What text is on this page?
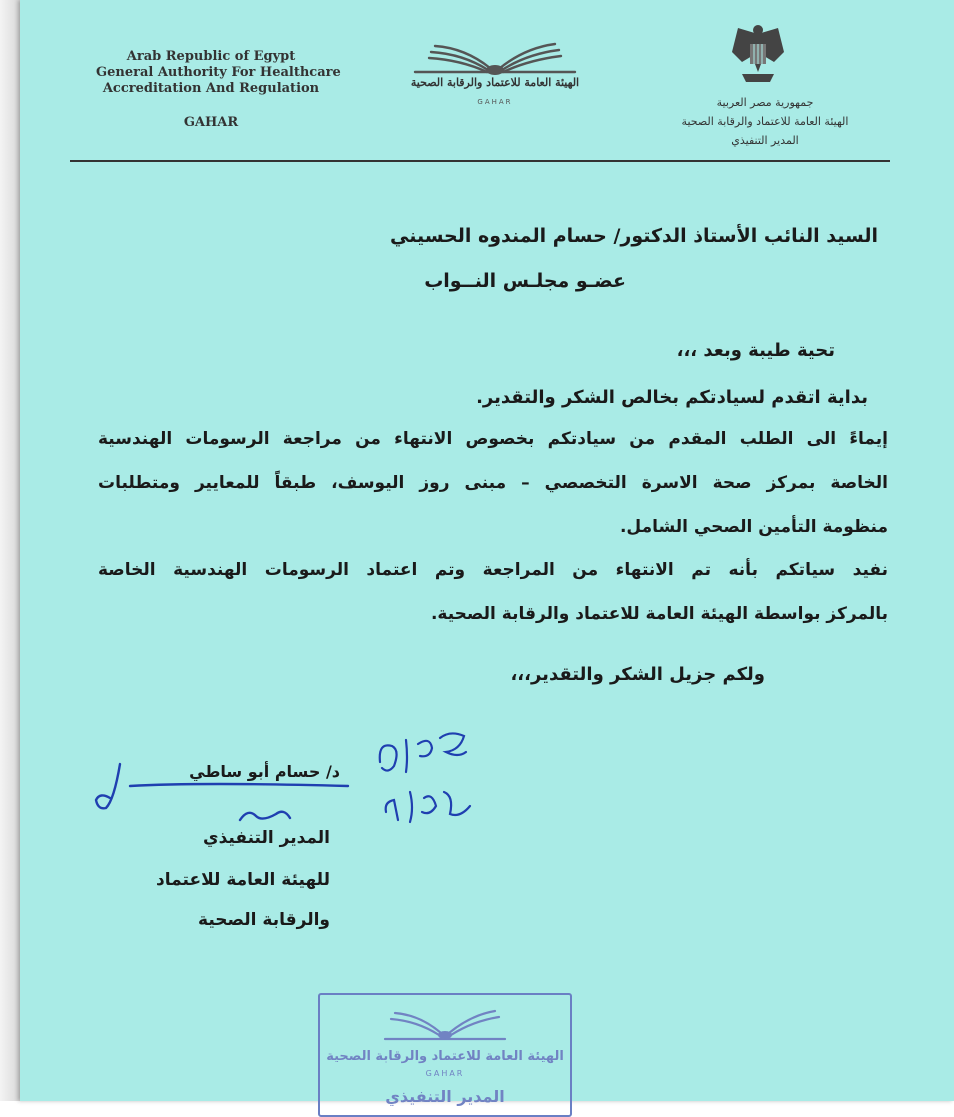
Arab Republic of Egypt
General Authority For Healthcare
Accreditation And Regulation
GAHAR
الهيئة العامة للاعتماد والرقابة الصحية
GAHAR	جمهورية مصر العربية
الهيئة العامة للاعتماد والرقابة الصحية
المدير التنفيذي
السيد النائب الأستاذ الدكتور/ حسام المندوه الحسيني
عضـو مجلـس النــواب
تحية طيبة وبعد ،،،
بداية اتقدم لسيادتكم بخالص الشكر والتقدير.
إيماءً الى الطلب المقدم من سيادتكم بخصوص الانتهاء من مراجعة الرسومات الهندسية
الخاصة بمركز صحة الاسرة التخصصي – مبنى روز اليوسف، طبقاً للمعايير ومتطلبات
منظومة التأمين الصحي الشامل.
نفيد سياتكم بأنه تم الانتهاء من المراجعة وتم اعتماد الرسومات الهندسية الخاصة
بالمركز بواسطة الهيئة العامة للاعتماد والرقابة الصحية.
ولكم جزيل الشكر والتقدير،،،
د/ حسام أبو ساطي
المدير التنفيذي
للهيئة العامة للاعتماد
والرقابة الصحية
الهيئة العامة للاعتماد والرقابة الصحية
GAHAR
المدير التنفيذي
